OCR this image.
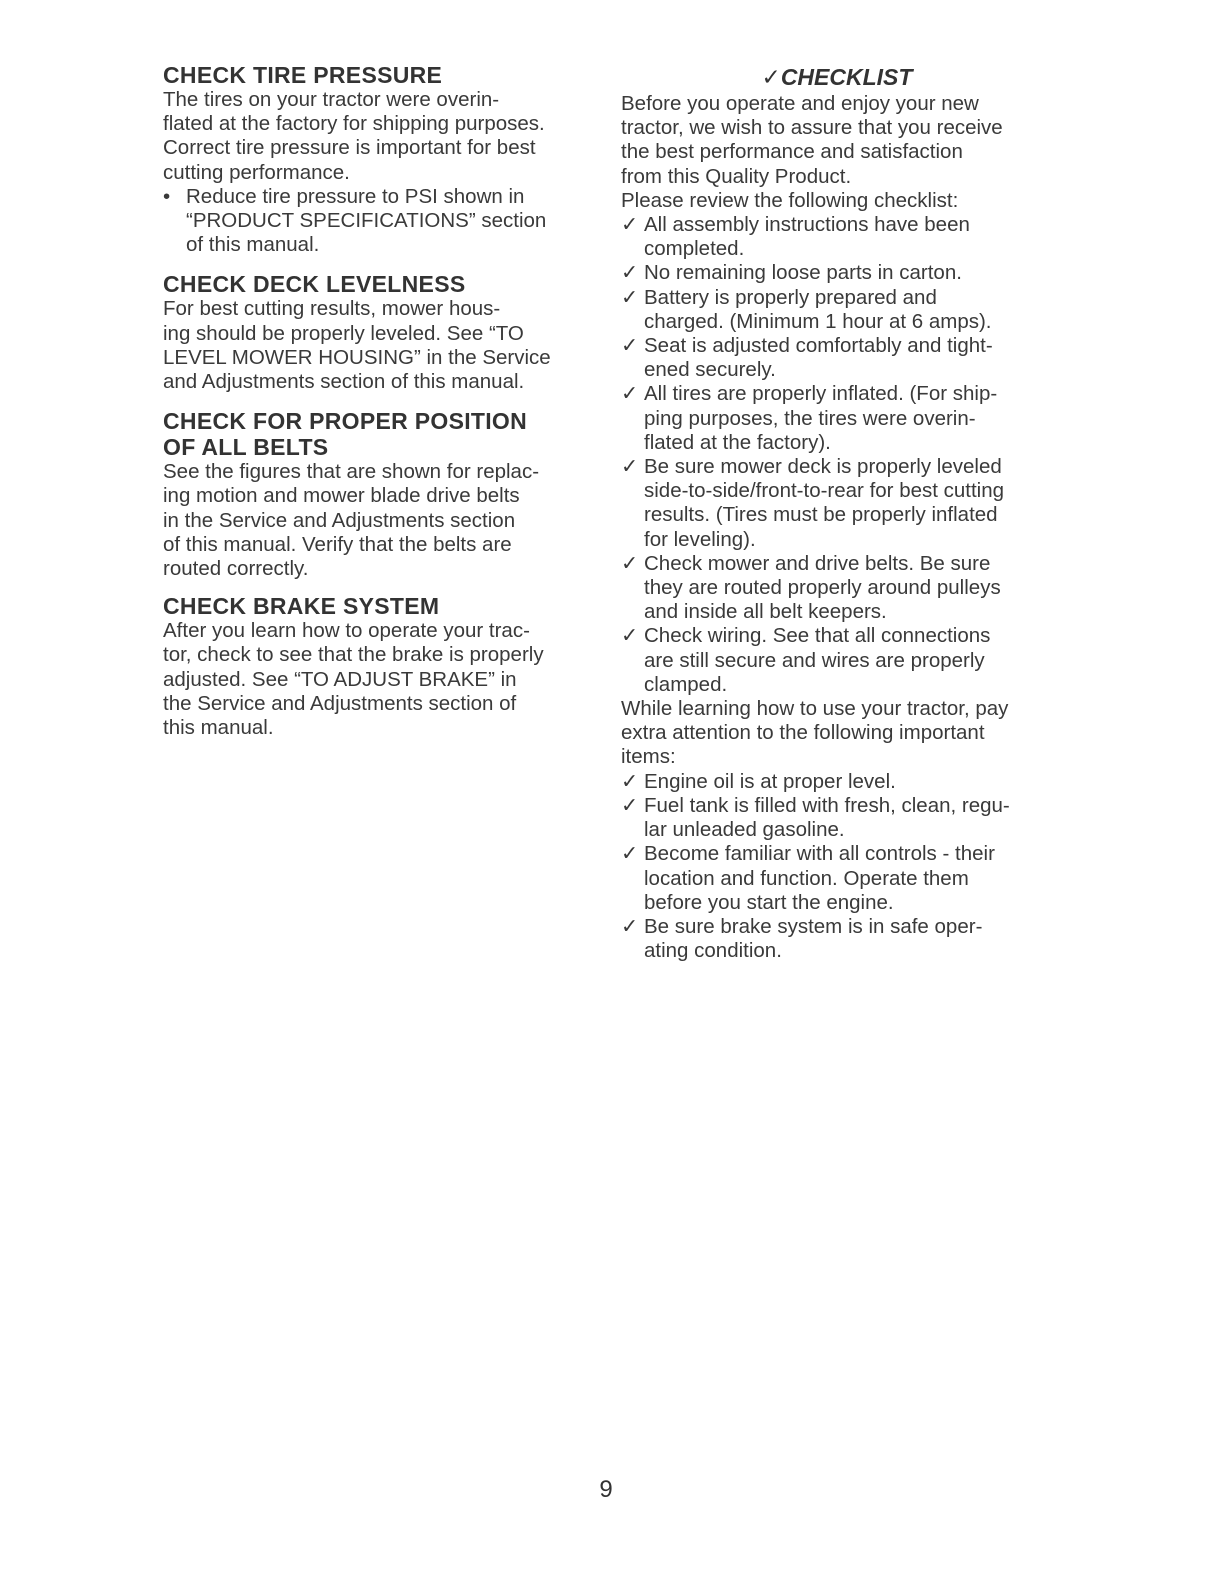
CHECK TIRE PRESSURE

The tires on your tractor were overin-
flated at the factory for shipping purposes.
Correct tire pressure is important for best
cutting performance.

• Reduce tire pressure to PSI shown in
“PRODUCT SPECIFICATIONS” section
of this manual.
CHECK DECK LEVELNESS

For best cutting results, mower hous-
ing should be properly leveled. See “TO
LEVEL MOWER HOUSING” in the Service
and Adjustments section of this manual.

CHECK FOR PROPER POSITION
OF ALL BELTS

See the figures that are shown for replac-
ing motion and mower blade drive belts
in the Service and Adjustments section
of this manual. Verify that the belts are
routed correctly.

CHECK BRAKE SYSTEM

After you learn how to operate your trac-
tor, check to see that the brake is properly
adjusted. See “TO ADJUST BRAKE” in
the Service and Adjustments section of
this manual.

✓CHECKLIST

Before you operate and enjoy your new
tractor, we wish to assure that you receive
the best performance and satisfaction
from this Quality Product.
Please review the following checklist:

✓ All assembly instructions have been
completed.
✓ No remaining loose parts in carton.
✓ Battery is properly prepared and
charged. (Minimum 1 hour at 6 amps).
✓ Seat is adjusted comfortably and tight-
ened securely.
✓ All tires are properly inflated. (For ship-
ping purposes, the tires were overin-
flated at the factory).
✓ Be sure mower deck is properly leveled
side-to-side/front-to-rear for best cutting
results. (Tires must be properly inflated
for leveling).
✓ Check mower and drive belts. Be sure
they are routed properly around pulleys
and inside all belt keepers.
✓ Check wiring. See that all connections
are still secure and wires are properly
clamped.

While learning how to use your tractor, pay
extra attention to the following important
items:

✓ Engine oil is at proper level.
✓ Fuel tank is filled with fresh, clean, regu-
lar unleaded gasoline.
✓ Become familiar with all controls - their
location and function. Operate them
before you start the engine.
✓ Be sure brake system is in safe oper-
ating condition.
9
